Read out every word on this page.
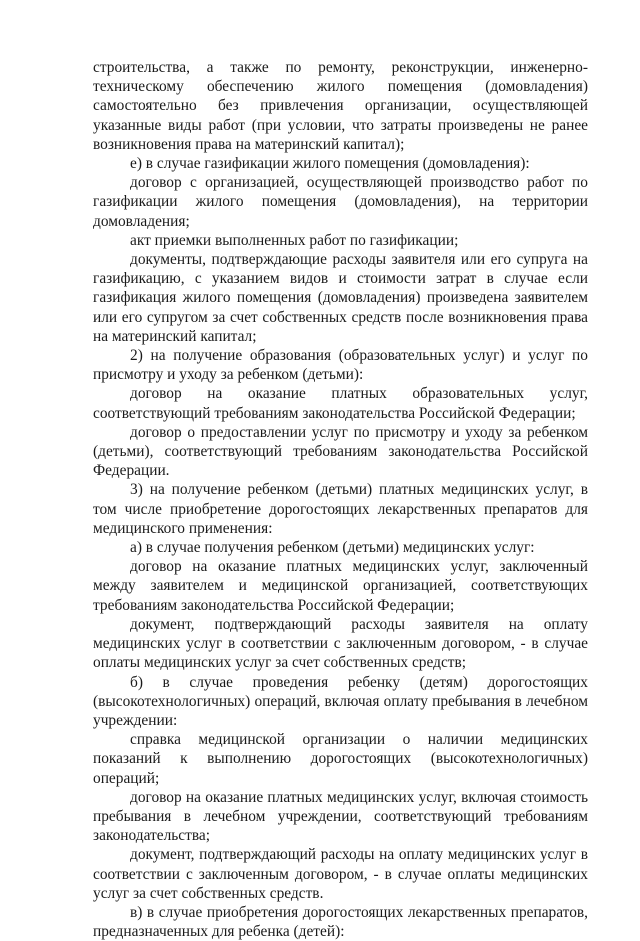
строительства, а также по ремонту, реконструкции, инженерно-техническому обеспечению жилого помещения (домовладения) самостоятельно без привлечения организации, осуществляющей указанные виды работ (при условии, что затраты произведены не ранее возникновения права на материнский капитал);

е) в случае газификации жилого помещения (домовладения):

договор с организацией, осуществляющей производство работ по газификации жилого помещения (домовладения), на территории домовладения;

акт приемки выполненных работ по газификации;

документы, подтверждающие расходы заявителя или его супруга на газификацию, с указанием видов и стоимости затрат в случае если газификация жилого помещения (домовладения) произведена заявителем или его супругом за счет собственных средств после возникновения права на материнский капитал;

2) на получение образования (образовательных услуг) и услуг по присмотру и уходу за ребенком (детьми):

договор на оказание платных образовательных услуг, соответствующий требованиям законодательства Российской Федерации;

договор о предоставлении услуг по присмотру и уходу за ребенком (детьми), соответствующий требованиям законодательства Российской Федерации.

3) на получение ребенком (детьми) платных медицинских услуг, в том числе приобретение дорогостоящих лекарственных препаратов для медицинского применения:

а) в случае получения ребенком (детьми) медицинских услуг:

договор на оказание платных медицинских услуг, заключенный между заявителем и медицинской организацией, соответствующих требованиям законодательства Российской Федерации;

документ, подтверждающий расходы заявителя на оплату медицинских услуг в соответствии с заключенным договором, - в случае оплаты медицинских услуг за счет собственных средств;

б) в случае проведения ребенку (детям) дорогостоящих (высокотехнологичных) операций, включая оплату пребывания в лечебном учреждении:

справка медицинской организации о наличии медицинских показаний к выполнению дорогостоящих (высокотехнологичных) операций;

договор на оказание платных медицинских услуг, включая стоимость пребывания в лечебном учреждении, соответствующий требованиям законодательства;

документ, подтверждающий расходы на оплату медицинских услуг в соответствии с заключенным договором, - в случае оплаты медицинских услуг за счет собственных средств.

в) в случае приобретения дорогостоящих лекарственных препаратов, предназначенных для ребенка (детей):
